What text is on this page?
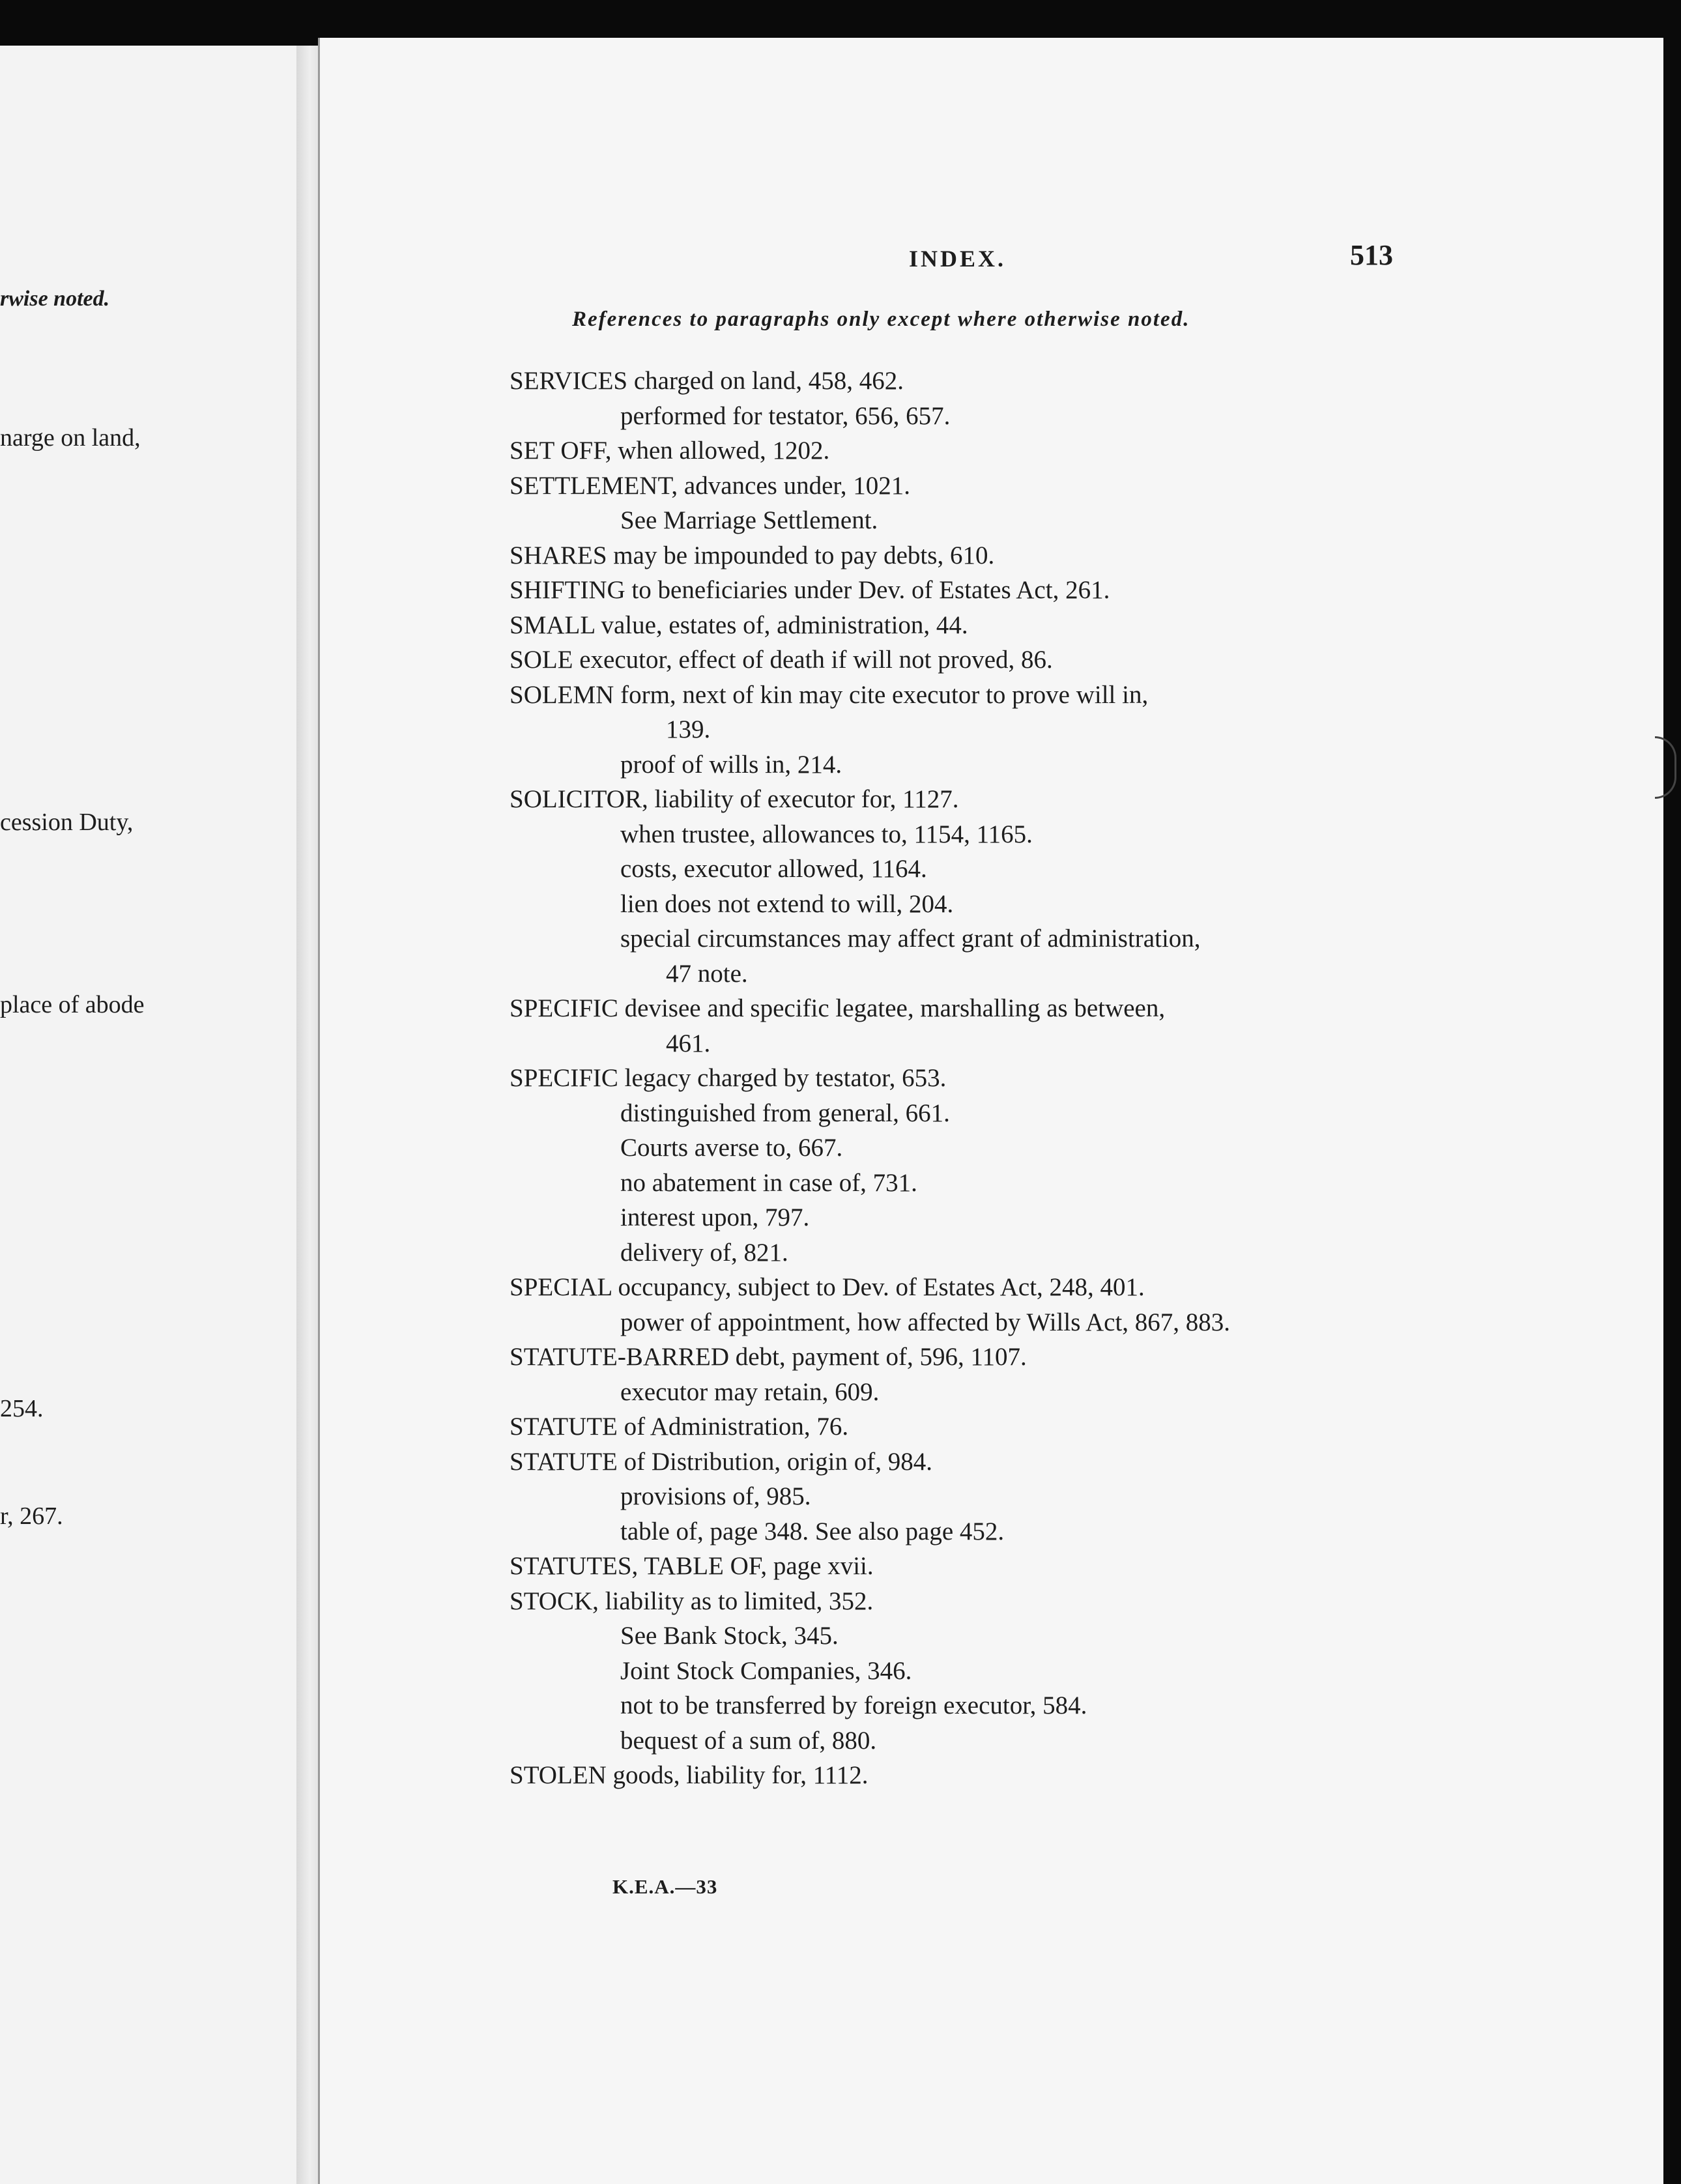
rwise noted.

narge on land,

cession Duty,

place of abode

254.

r, 267.

INDEX.	513

References to paragraphs only except where otherwise noted.

SERVICES charged on land, 458, 462.

performed for testator, 656, 657.

SET OFF, when allowed, 1202.

SETTLEMENT, advances under, 1021.

See Marriage Settlement.

SHARES may be impounded to pay debts, 610.

SHIFTING to beneficiaries under Dev. of Estates Act, 261.

SMALL value, estates of, administration, 44.

SOLE executor, effect of death if will not proved, 86.

SOLEMN form, next of kin may cite executor to prove will in,

139.

proof of wills in, 214.

SOLICITOR, liability of executor for, 1127.

when trustee, allowances to, 1154, 1165.

costs, executor allowed, 1164.

lien does not extend to will, 204.

special circumstances may affect grant of administration,

47 note.

SPECIFIC devisee and specific legatee, marshalling as between,

461.

SPECIFIC legacy charged by testator, 653.

distinguished from general, 661.

Courts averse to, 667.

no abatement in case of, 731.

interest upon, 797.

delivery of, 821.

SPECIAL occupancy, subject to Dev. of Estates Act, 248, 401.

power of appointment, how affected by Wills Act, 867, 883.

STATUTE-BARRED debt, payment of, 596, 1107.

executor may retain, 609.

STATUTE of Administration, 76.

STATUTE of Distribution, origin of, 984.

provisions of, 985.

table of, page 348. See also page 452.

STATUTES, TABLE OF, page xvii.

STOCK, liability as to limited, 352.

See Bank Stock, 345.

Joint Stock Companies, 346.

not to be transferred by foreign executor, 584.

bequest of a sum of, 880.

STOLEN goods, liability for, 1112.

K.E.A.—33
